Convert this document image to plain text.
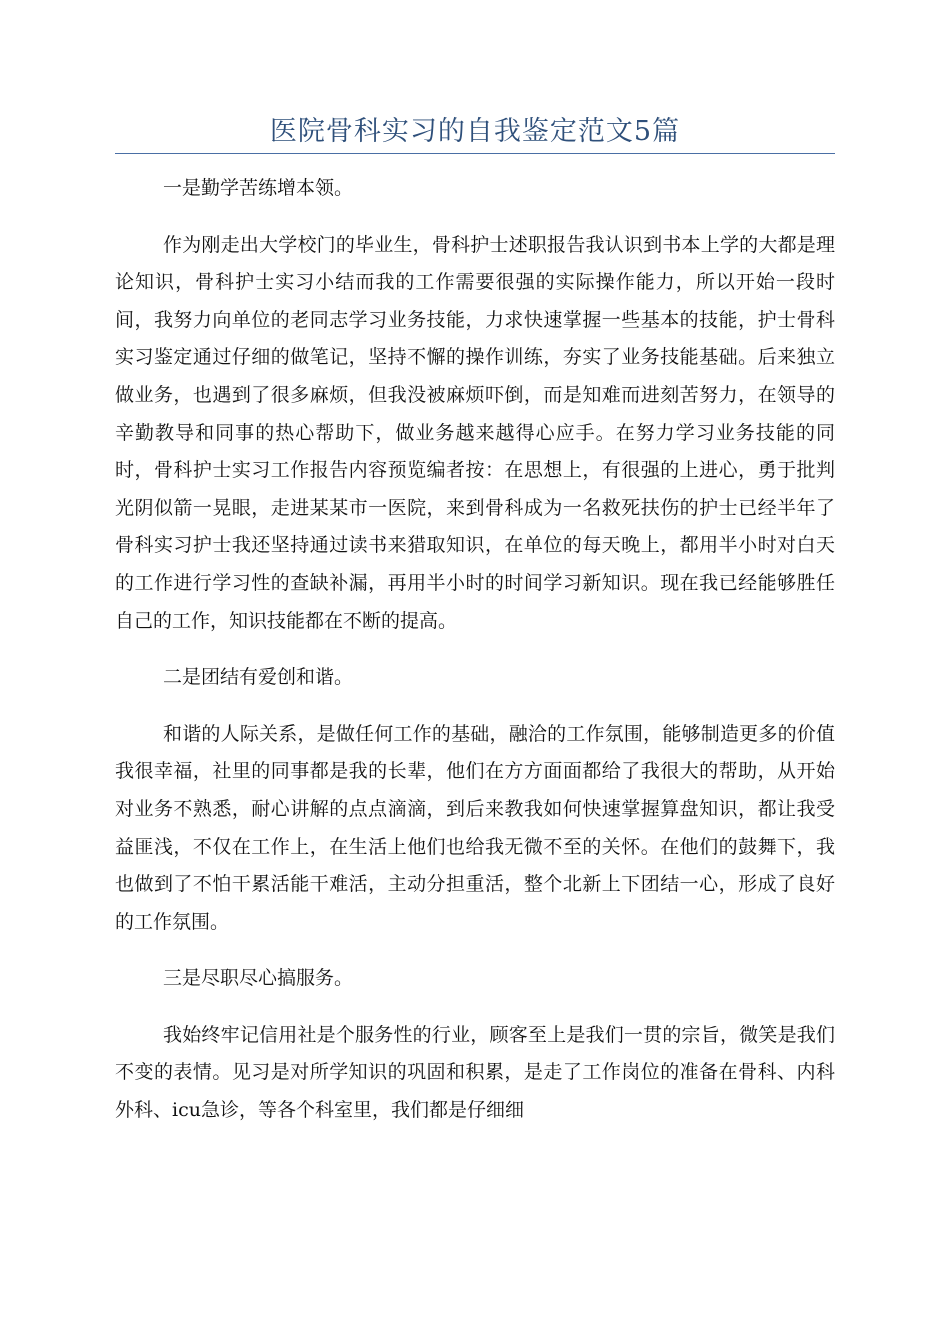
医院骨科实习的自我鉴定范文5篇

一是勤学苦练增本领。

作为刚走出大学校门的毕业生，骨科护士述职报告我认识到书本上学的大都是理论知识，骨科护士实习小结而我的工作需要很强的实际操作能力，所以开始一段时间，我努力向单位的老同志学习业务技能，力求快速掌握一些基本的技能，护士骨科实习鉴定通过仔细的做笔记，坚持不懈的操作训练，夯实了业务技能基础。后来独立做业务，也遇到了很多麻烦，但我没被麻烦吓倒，而是知难而进刻苦努力，在领导的辛勤教导和同事的热心帮助下，做业务越来越得心应手。在努力学习业务技能的同时，骨科护士实习工作报告内容预览编者按：在思想上，有很强的上进心，勇于批判光阴似箭一晃眼，走进某某市一医院，来到骨科成为一名救死扶伤的护士已经半年了骨科实习护士我还坚持通过读书来猎取知识，在单位的每天晚上，都用半小时对白天的工作进行学习性的查缺补漏，再用半小时的时间学习新知识。现在我已经能够胜任自己的工作，知识技能都在不断的提高。

二是团结有爱创和谐。

和谐的人际关系，是做任何工作的基础，融洽的工作氛围，能够制造更多的价值我很幸福，社里的同事都是我的长辈，他们在方方面面都给了我很大的帮助，从开始对业务不熟悉，耐心讲解的点点滴滴，到后来教我如何快速掌握算盘知识，都让我受益匪浅，不仅在工作上，在生活上他们也给我无微不至的关怀。在他们的鼓舞下，我也做到了不怕干累活能干难活，主动分担重活，整个北新上下团结一心，形成了良好的工作氛围。

三是尽职尽心搞服务。

我始终牢记信用社是个服务性的行业，顾客至上是我们一贯的宗旨，微笑是我们不变的表情。见习是对所学知识的巩固和积累，是走了工作岗位的准备在骨科、内科外科、icu急诊，等各个科室里，我们都是仔细细
